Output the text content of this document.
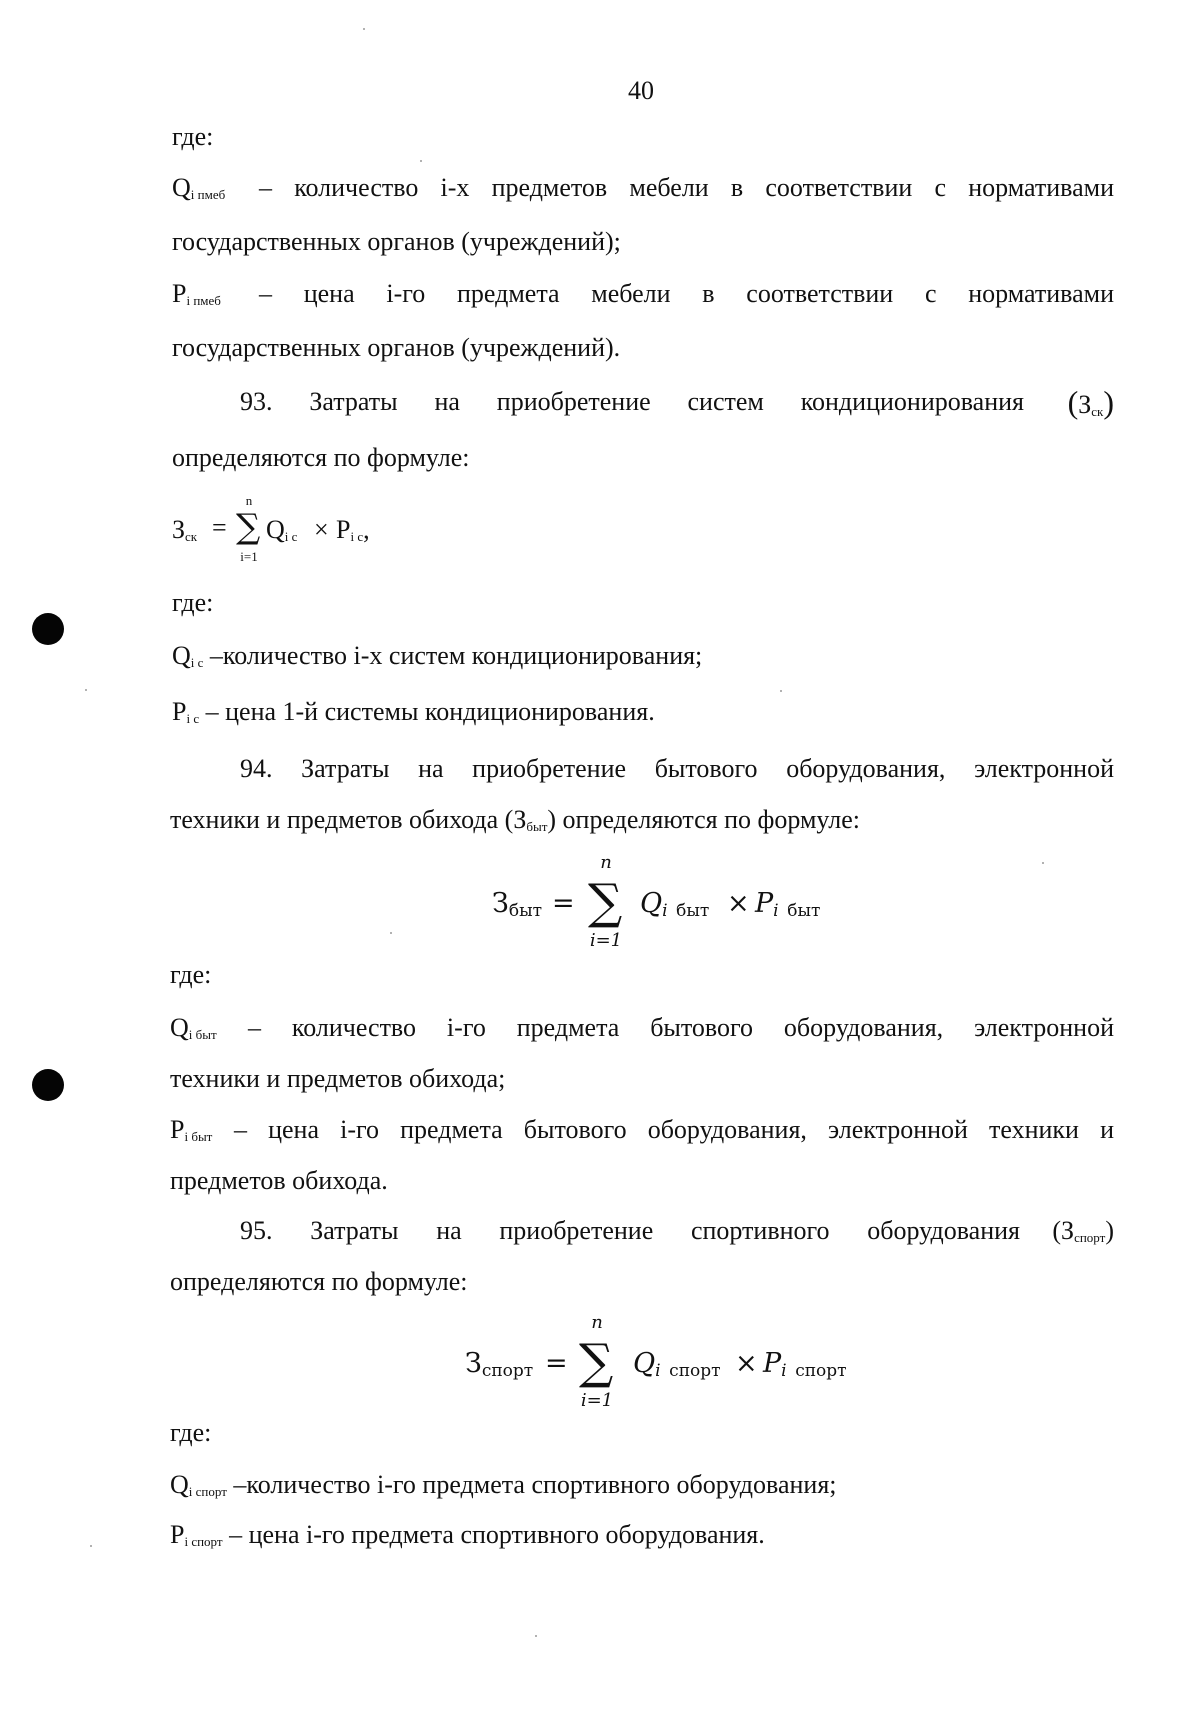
40
где:
$Q_{i пмеб}$ – количество i-х предметов мебели в соответствии с нормативами
государственных органов (учреждений);
$P_{i пмеб}$ – цена i-го предмета мебели в соответствии с нормативами
государственных органов (учреждений).
93. Затраты на приобретение систем кондиционирования $(З_{ск})$
определяются по формуле:
$З_{ск}$ =
n
∑
i=1
$Q_{i c} \times P_{i c}$,
где:
$Q_{i c}$ –количество i-х систем кондиционирования;
$P_{i c}$ – цена 1-й системы кондиционирования.
94. Затраты на приобретение бытового оборудования, электронной
техники и предметов обихода $(З_{быт})$ определяются по формуле:
Збыт =
n
∑
i=1
Qi быт × Pi быт
где:
$Q_{i быт}$ – количество i-го предмета бытового оборудования, электронной
техники и предметов обихода;
$P_{i быт}$ – цена i-го предмета бытового оборудования, электронной техники и
предметов обихода.
95. Затраты на приобретение спортивного оборудования $(З_{спорт})$
определяются по формуле:
Зспорт =
n
∑
i=1
Qi спорт × Pi спорт
где:
$Q_{i спорт}$ –количество i-го предмета спортивного оборудования;
$P_{i спорт}$ – цена i-го предмета спортивного оборудования.
